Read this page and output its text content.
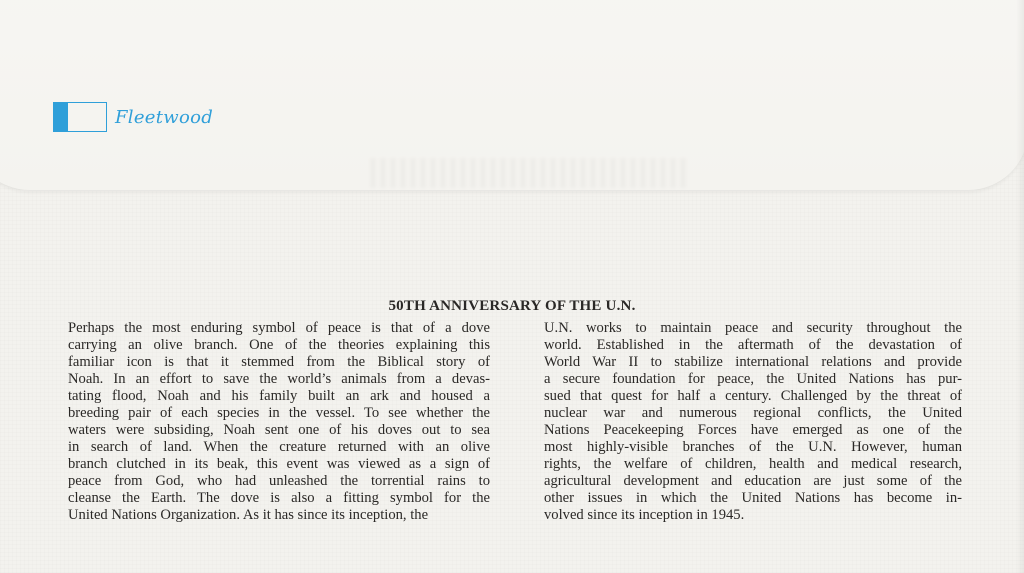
Fleetwood
50TH ANNIVERSARY OF THE U.N.
Perhaps the most enduring symbol of peace is that of a dove
carrying an olive branch. One of the theories explaining this
familiar icon is that it stemmed from the Biblical story of
Noah. In an effort to save the world’s animals from a devas-
tating flood, Noah and his family built an ark and housed a
breeding pair of each species in the vessel. To see whether the
waters were subsiding, Noah sent one of his doves out to sea
in search of land. When the creature returned with an olive
branch clutched in its beak, this event was viewed as a sign of
peace from God, who had unleashed the torrential rains to
cleanse the Earth. The dove is also a fitting symbol for the
United Nations Organization. As it has since its inception, the
U.N. works to maintain peace and security throughout the
world. Established in the aftermath of the devastation of
World War II to stabilize international relations and provide
a secure foundation for peace, the United Nations has pur-
sued that quest for half a century. Challenged by the threat of
nuclear war and numerous regional conflicts, the United
Nations Peacekeeping Forces have emerged as one of the
most highly-visible branches of the U.N. However, human
rights, the welfare of children, health and medical research,
agricultural development and education are just some of the
other issues in which the United Nations has become in-
volved since its inception in 1945.
